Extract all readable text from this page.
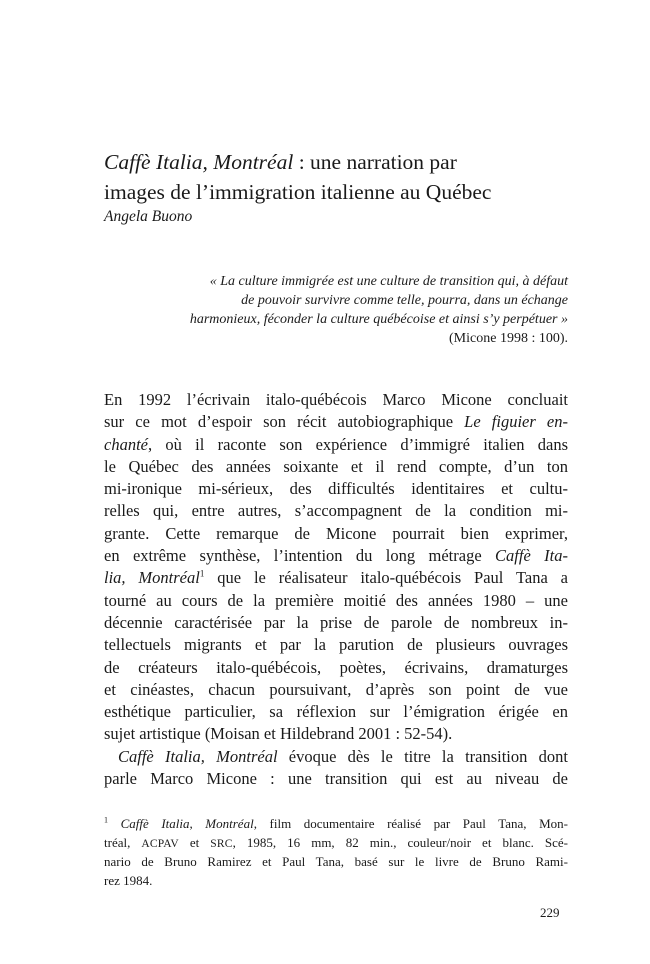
Caffè Italia, Montréal : une narration par
images de l’immigration italienne au Québec
Angela Buono
« La culture immigrée est une culture de transition qui, à défaut
de pouvoir survivre comme telle, pourra, dans un échange
harmonieux, féconder la culture québécoise et ainsi s’y perpétuer »
(Micone 1998 : 100).
En 1992 l’écrivain italo-québécois Marco Micone concluait
sur ce mot d’espoir son récit autobiographique Le figuier en-
chanté, où il raconte son expérience d’immigré italien dans
le Québec des années soixante et il rend compte, d’un ton
mi-ironique mi-sérieux, des difficultés identitaires et cultu-
relles qui, entre autres, s’accompagnent de la condition mi-
grante. Cette remarque de Micone pourrait bien exprimer,
en extrême synthèse, l’intention du long métrage Caffè Ita-
lia, Montréal$^1$ que le réalisateur italo-québécois Paul Tana a
tourné au cours de la première moitié des années 1980 – une
décennie caractérisée par la prise de parole de nombreux in-
tellectuels migrants et par la parution de plusieurs ouvrages
de créateurs italo-québécois, poètes, écrivains, dramaturges
et cinéastes, chacun poursuivant, d’après son point de vue
esthétique particulier, sa réflexion sur l’émigration érigée en
sujet artistique (Moisan et Hildebrand 2001 : 52-54).
Caffè Italia, Montréal évoque dès le titre la transition dont
parle Marco Micone : une transition qui est au niveau de
$^1$ Caffè Italia, Montréal, film documentaire réalisé par Paul Tana, Mon-
tréal, ACPAV et SRC, 1985, 16 mm, 82 min., couleur/noir et blanc. Scé-
nario de Bruno Ramirez et Paul Tana, basé sur le livre de Bruno Rami-
rez 1984.
229
